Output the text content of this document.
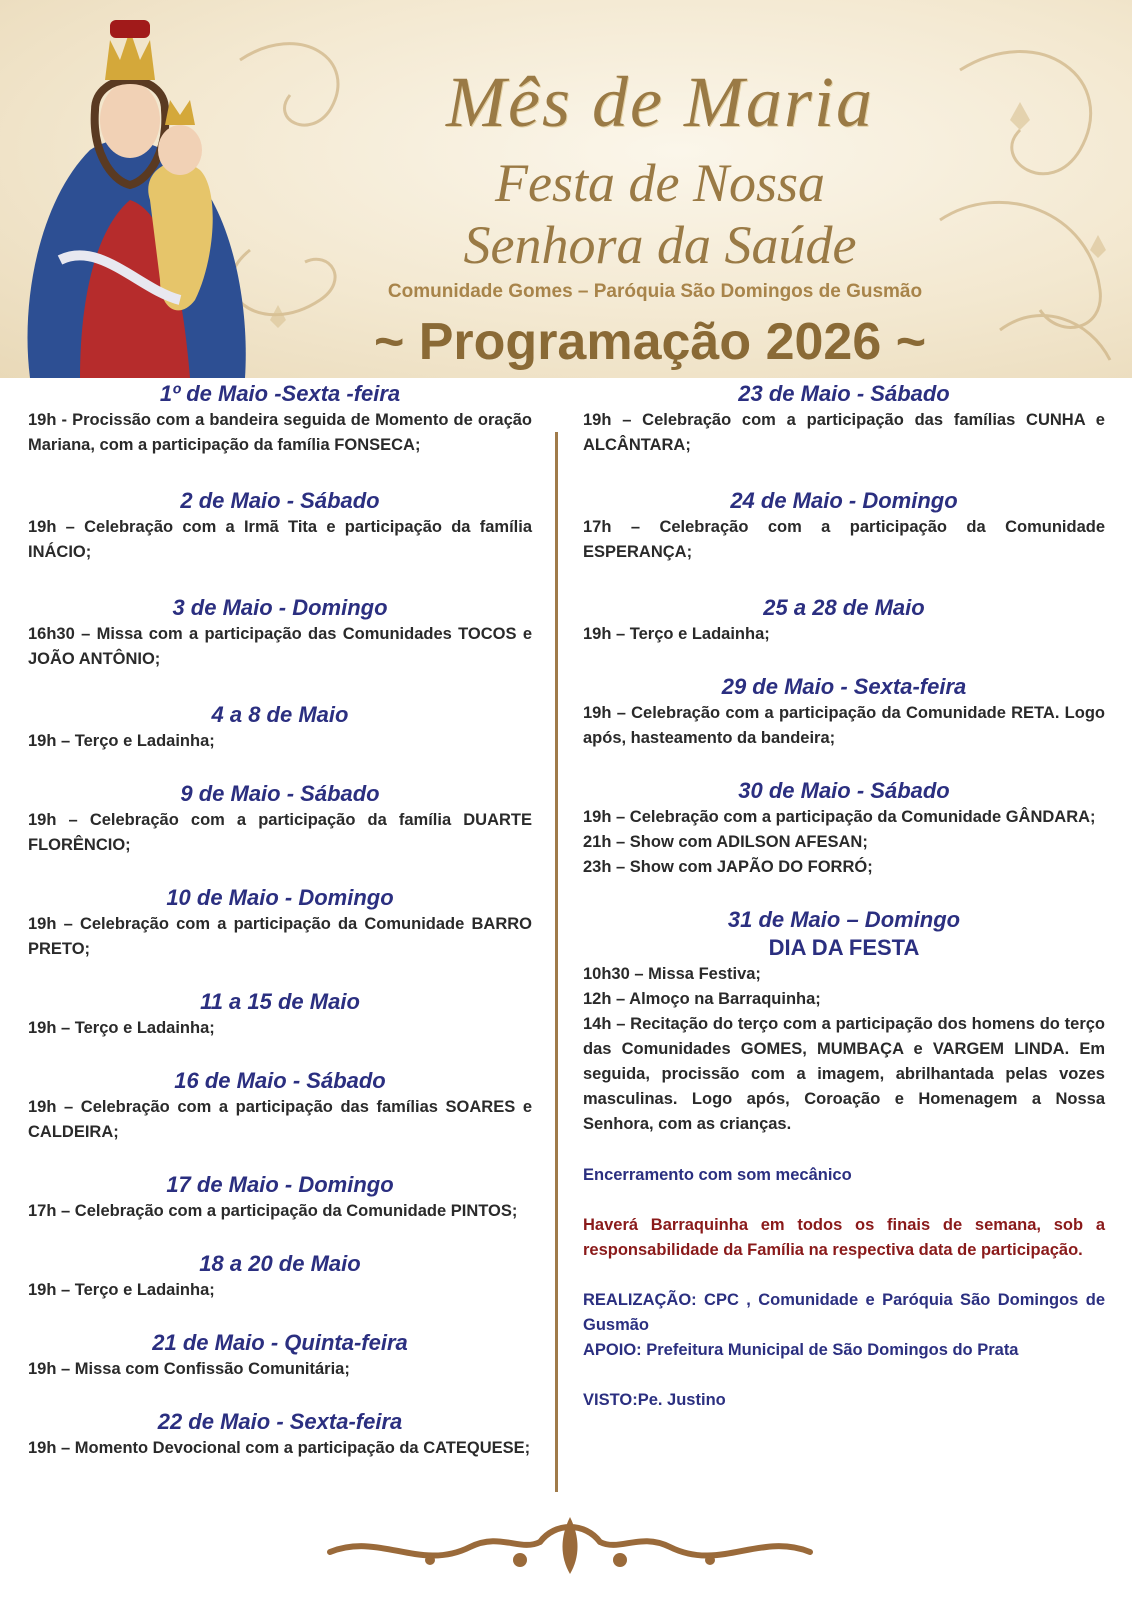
Mês de Maria
Festa de Nossa
Senhora da Saúde
Comunidade Gomes – Paróquia São Domingos de Gusmão
~ Programação 2026 ~
1º de Maio -Sexta -feira

19h - Procissão com a bandeira seguida de Momento de oração Mariana, com a participação da família FONSECA;

2 de Maio - Sábado

19h – Celebração com a Irmã Tita e participação da família INÁCIO;

3 de Maio - Domingo

16h30 – Missa com a participação das Comunidades TOCOS e JOÃO ANTÔNIO;

4 a 8 de Maio

19h – Terço e Ladainha;

9 de Maio - Sábado

19h – Celebração com a participação da família DUARTE FLORÊNCIO;

10 de Maio - Domingo

19h – Celebração com a participação da Comunidade BARRO PRETO;

11 a 15 de Maio

19h – Terço e Ladainha;

16 de Maio - Sábado

19h – Celebração com a participação das famílias SOARES e CALDEIRA;

17 de Maio - Domingo

17h – Celebração com a participação da Comunidade PINTOS;

18 a 20 de Maio

19h – Terço e Ladainha;

21 de Maio - Quinta-feira

19h – Missa com Confissão Comunitária;

22 de Maio - Sexta-feira

19h – Momento Devocional com a participação da CATEQUESE;

23 de Maio - Sábado

19h – Celebração com a participação das famílias CUNHA e ALCÂNTARA;

24 de Maio - Domingo

17h – Celebração com a participação da Comunidade ESPERANÇA;

25 a 28 de Maio

19h – Terço e Ladainha;

29 de Maio - Sexta-feira

19h – Celebração com a participação da Comunidade RETA. Logo após, hasteamento da bandeira;

30 de Maio - Sábado

19h – Celebração com a participação da Comunidade GÂNDARA;

21h – Show com ADILSON AFESAN;

23h – Show com JAPÃO DO FORRÓ;

31 de Maio – Domingo
DIA DA FESTA

10h30 – Missa Festiva;

12h – Almoço na Barraquinha;

14h – Recitação do terço com a participação dos homens do terço das Comunidades GOMES, MUMBAÇA e VARGEM LINDA. Em seguida, procissão com a imagem, abrilhantada pelas vozes masculinas. Logo após, Coroação e Homenagem a Nossa Senhora, com as crianças.

Encerramento com som mecânico

Haverá Barraquinha em todos os finais de semana, sob a responsabilidade da Família na respectiva data de participação.

REALIZAÇÃO: CPC , Comunidade e Paróquia São Domingos de Gusmão

APOIO: Prefeitura Municipal de São Domingos do Prata

VISTO:Pe. Justino
